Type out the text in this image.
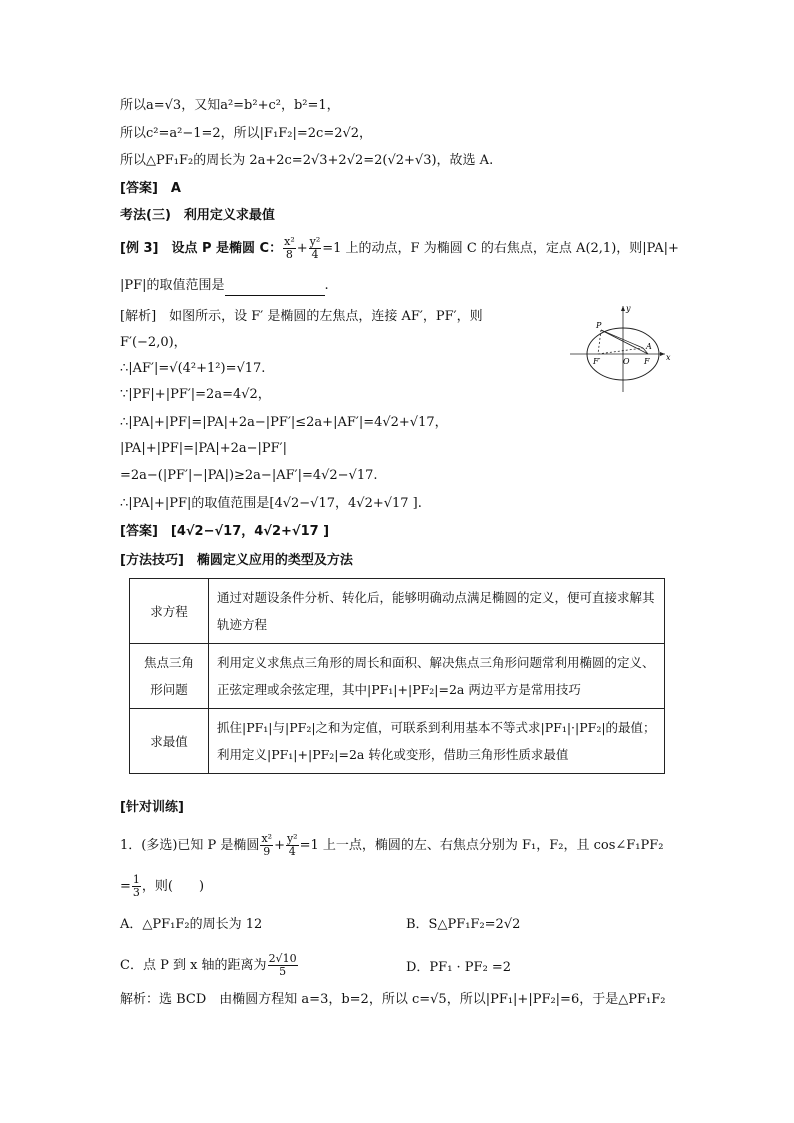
所以a=√3，又知a²=b²+c²，b²=1，
所以c²=a²−1=2，所以|F₁F₂|=2c=2√2，
所以△PF₁F₂的周长为 2a+2c=2√3+2√2=2(√2+√3)，故选 A.
[答案]　A
考法(三)　利用定义求最值
[例 3]　设点 P 是椭圆 C： $\frac{\text{x²}}{8} + \frac{\text{y²}}{4} =1$ 上的动点，F 为椭圆 C 的右焦点，定点 A(2,1)，则|PA|+
|PF|的取值范围是	.
[解析]　如图所示，设 F′ 是椭圆的左焦点，连接 AF′，PF′，则
F′(−2,0)，
∴|AF′|=√(4²+1²)=√17.
∵|PF|+|PF′|=2a=4√2，
∴|PA|+|PF|=|PA|+2a−|PF′|≤2a+|AF′|=4√2+√17，
|PA|+|PF|=|PA|+2a−|PF′|
=2a−(|PF′|−|PA|)≥2a−|AF′|=4√2−√17.
∴|PA|+|PF|的取值范围是[4√2−√17，4√2+√17 ].
[答案]　[4√2−√17，4√2+√17 ]
[方法技巧]　椭圆定义应用的类型及方法
y
x
P
F′	O F
A
求方程	通过对题设条件分析、转化后，能够明确动点满足椭圆的定义，便可直接求解其轨迹方程
焦点三角形问题	利用定义求焦点三角形的周长和面积、解决焦点三角形问题常利用椭圆的定义、正弦定理或余弦定理，其中|PF₁|+|PF₂|=2a 两边平方是常用技巧
求最值	抓住|PF₁|与|PF₂|之和为定值，可联系到利用基本不等式求|PF₁|·|PF₂|的最值；利用定义|PF₁|+|PF₂|=2a 转化或变形，借助三角形性质求最值
[针对训练]
1．(多选)已知 P 是椭圆 $\frac{\text{x²}}{9} + \frac{\text{y²}}{4} =1$ 上一点，椭圆的左、右焦点分别为 F₁，F₂，且 cos∠F₁PF₂
= $\frac{1}{3}$ ，则(　　)
A．△PF₁F₂的周长为 12	B．S△PF₁F₂=2√2
C．点 P 到 x 轴的距离为 $\frac{2√10}{5}$	D．PF₁ · PF₂ =2
解析：选 BCD　由椭圆方程知 a=3，b=2，所以 c=√5，所以|PF₁|+|PF₂|=6，于是△PF₁F₂
